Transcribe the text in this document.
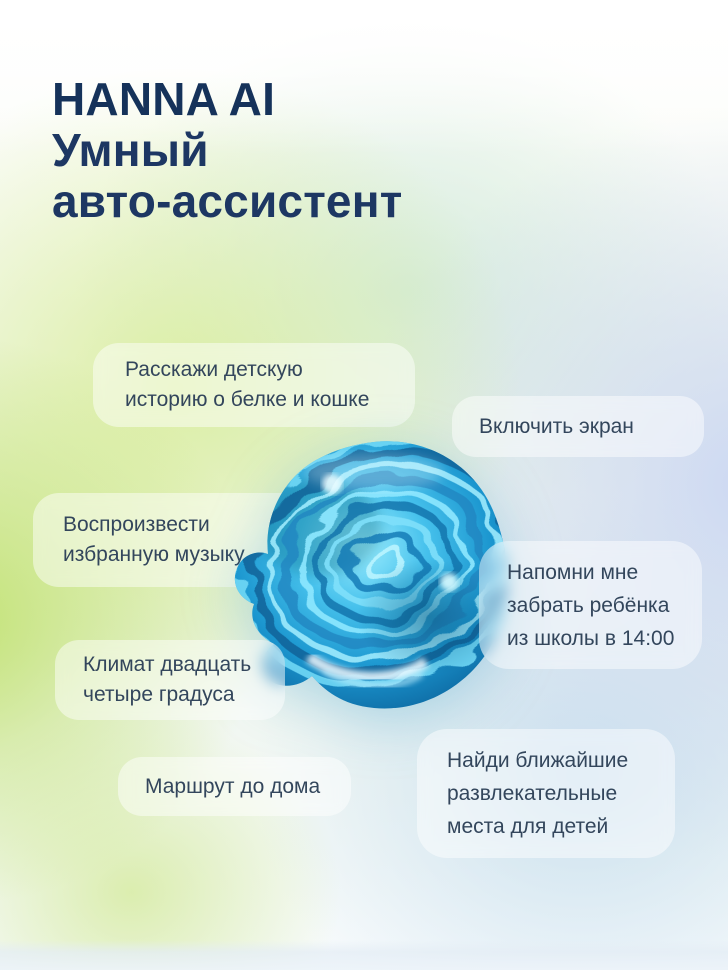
HANNA AI
Умный
авто-ассистент
Расскажи детскую
историю о белке и кошке
Включить экран
Воспроизвести
избранную музыку
Напомни мне
забрать ребёнка
из школы в 14:00
Климат двадцать
четыре градуса
Маршрут до дома
Найди ближайшие
развлекательные
места для детей
